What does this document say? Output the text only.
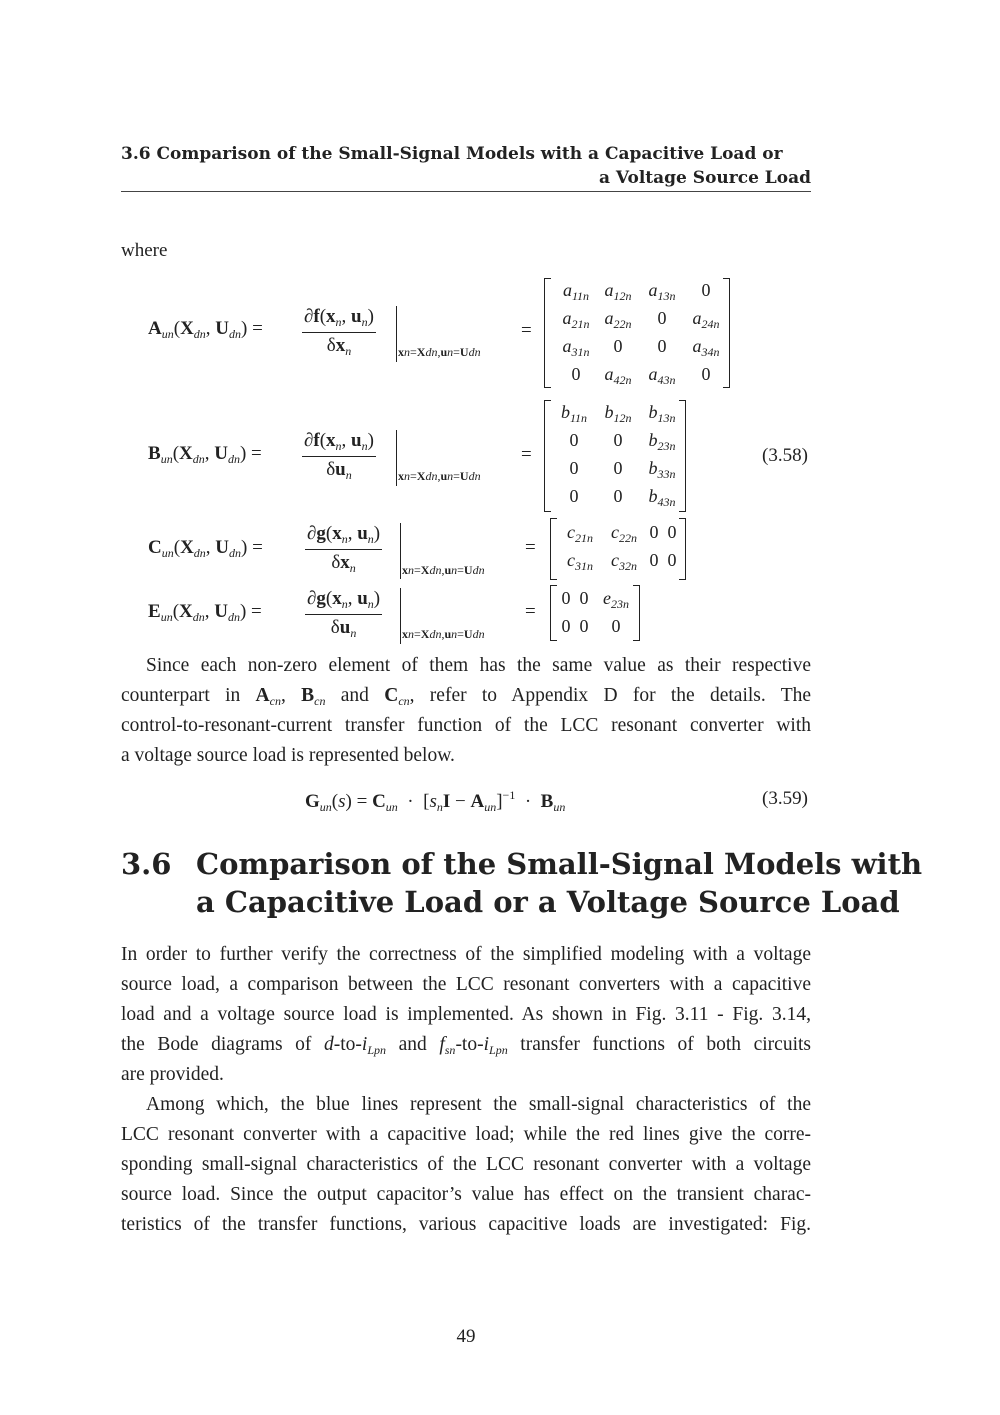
3.6 Comparison of the Small-Signal Models with a Capacitive Load or
a Voltage Source Load
where
$A_{un}(X_{dn}$, $U_{dn}) = \frac{\partial f(x_n, u_n)}{\delta x_n} xn=Xdn,un=Udn$
=
$a_{11n}$ $a_{12n}$ $a_{13n}$	0
$a_{21n}$ $a_{22n}$	0	$a_{24n}$
$a_{31n}$	0	0	$a_{34n}$
0	$a_{42n}$ $a_{43n}$	0
$B_{un}(X_{dn}$, $U_{dn}) = \frac{\partial f(x_n, u_n)}{\delta u_n} xn=Xdn,un=Udn$
=
$b_{11n}$ $b_{12n}$ $b_{13n}$
0	0	$b_{23n}$
0	0	$b_{33n}$
0	0	$b_{43n}$
(3.58)
$C_{un}(X_{dn}$, $U_{dn}) = \frac{\partial g(x_n, u_n)}{\delta x_n} xn=Xdn,un=Udn$
=
$c_{21n}$	$c_{22n}$ 0 0
$c_{31n}$	$c_{32n}$ 0 0
$E_{un}(X_{dn}$, $U_{dn}) = \frac{\partial g(x_n, u_n)}{\delta u_n} xn=Xdn,un=Udn$
=
0 0 $e_{23n}$
0 0	0
Since each non-zero element of them has the same value as their respective
counterpart in $A_{cn}$, $B_{cn}$ and $C_{cn}$, refer to Appendix D for the details. The
control-to-resonant-current transfer function of the LCC resonant converter with
a voltage source load is represented below.
$G_{un}(s) = C_{un} \cdot [s_nI - A_{un}]^{-1} \cdot B_{un}$	(3.59)
3.6 Comparison of the Small-Signal Models with
a Capacitive Load or a Voltage Source Load
In order to further verify the correctness of the simplified modeling with a voltage
source load, a comparison between the LCC resonant converters with a capacitive
load and a voltage source load is implemented. As shown in Fig. 3.11 - Fig. 3.14,
the Bode diagrams of $d-to-i_{Lpn}$ and $f_{sn}-to-i_{Lpn}$ transfer functions of both circuits
are provided.
Among which, the blue lines represent the small-signal characteristics of the
LCC resonant converter with a capacitive load; while the red lines give the corre-
sponding small-signal characteristics of the LCC resonant converter with a voltage
source load. Since the output capacitor’s value has effect on the transient charac-
teristics of the transfer functions, various capacitive loads are investigated: Fig.
49
